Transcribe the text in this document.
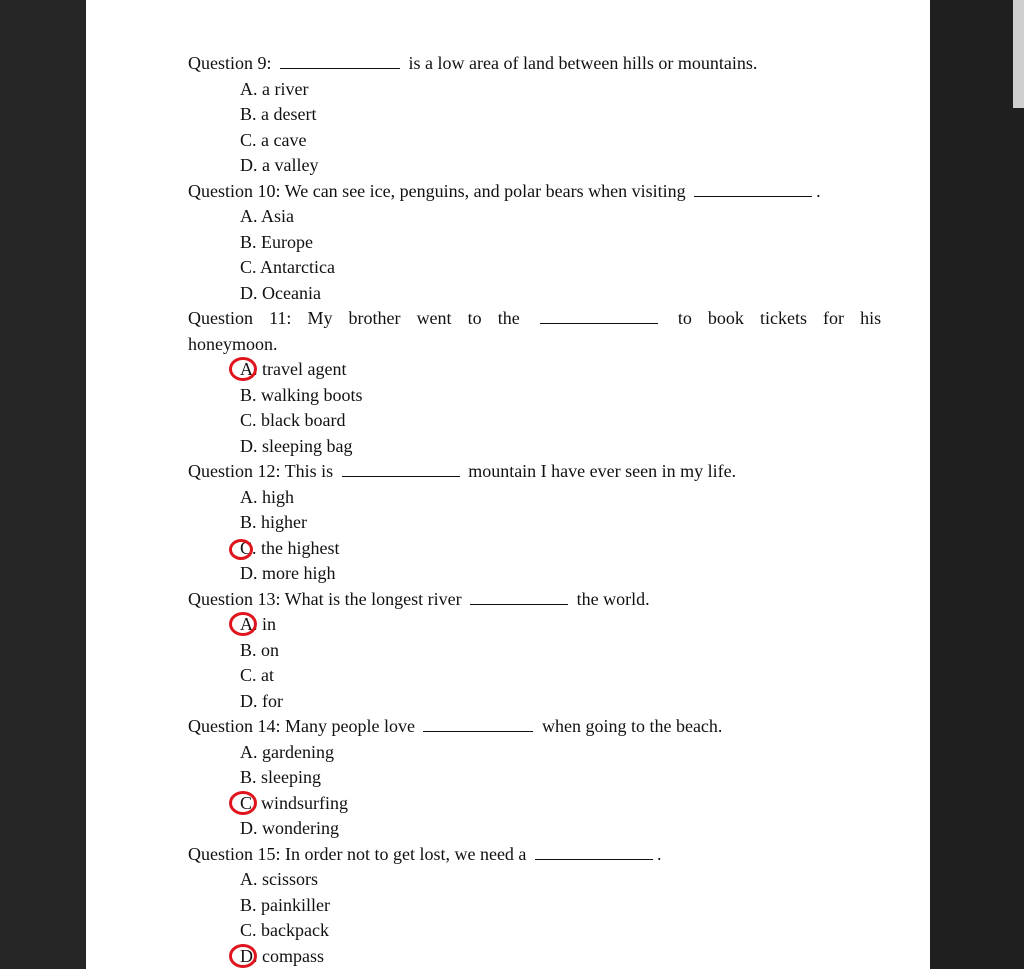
Question 9:	is a low area of land between hills or mountains.
A. a river
B. a desert
C. a cave
D. a valley
Question 10: We can see ice, penguins, and polar bears when visiting	.
A. Asia
B. Europe
C. Antarctica
D. Oceania
Question 11: My brother went to the	to book tickets for his
honeymoon.
A. travel agent
B. walking boots
C. black board
D. sleeping bag
Question 12: This is	mountain I have ever seen in my life.
A. high
B. higher
C. the highest
D. more high
Question 13: What is the longest river	the world.
A. in
B. on
C. at
D. for
Question 14: Many people love	when going to the beach.
A. gardening
B. sleeping
C. windsurfing
D. wondering
Question 15: In order not to get lost, we need a	.
A. scissors
B. painkiller
C. backpack
D. compass
